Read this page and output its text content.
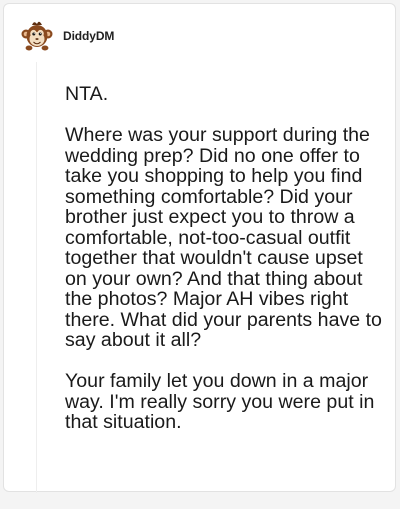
DiddyDM

NTA.

Where was your support during the wedding prep? Did no one offer to take you shopping to help you find something comfortable? Did your brother just expect you to throw a comfortable, not-too-casual outfit together that wouldn't cause upset on your own? And that thing about the photos? Major AH vibes right there. What did your parents have to say about it all?

Your family let you down in a major way. I'm really sorry you were put in that situation.
